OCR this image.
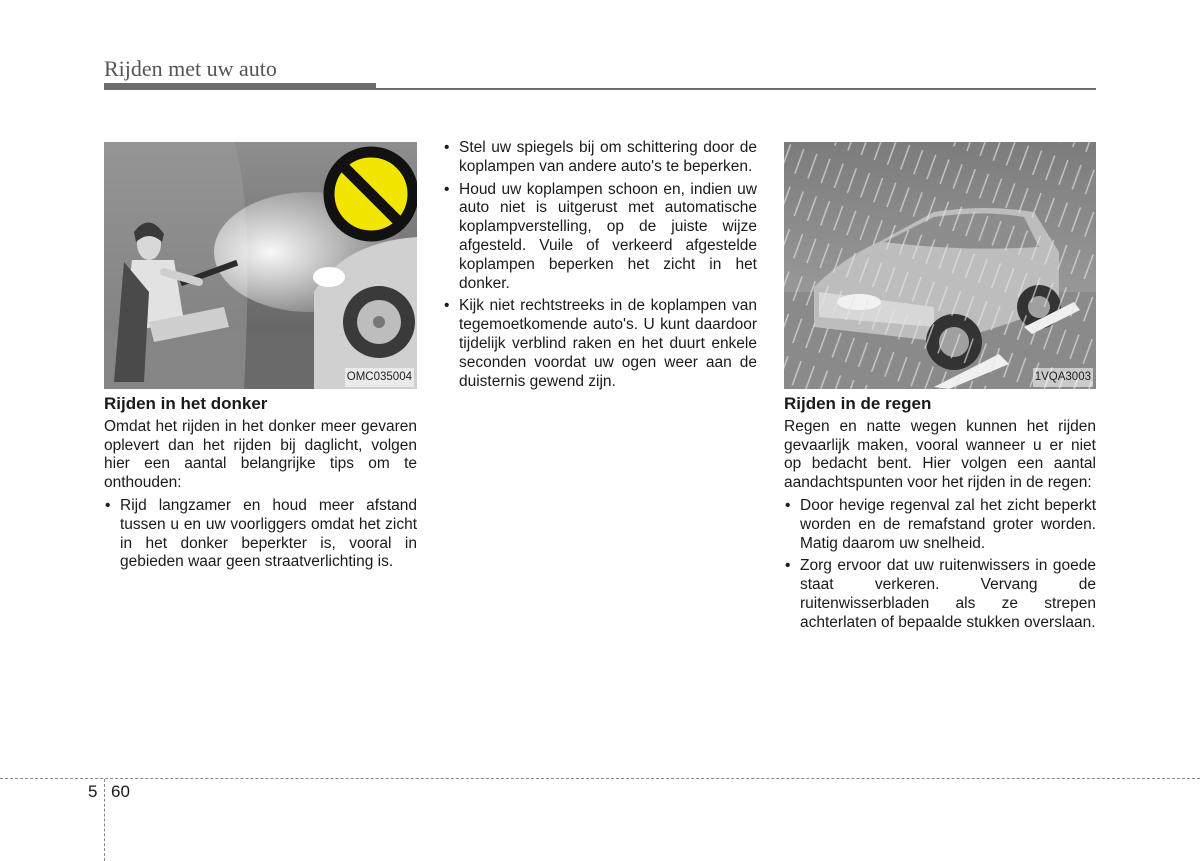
Rijden met uw auto
OMC035004
Rijden in het donker

Omdat het rijden in het donker meer gevaren oplevert dan het rijden bij daglicht, volgen hier een aantal belangrijke tips om te onthouden:

• Rijd langzamer en houd meer afstand tussen u en uw voorliggers omdat het zicht in het donker beperkter is, vooral in gebieden waar geen straatverlichting is.
• Stel uw spiegels bij om schittering door de koplampen van andere auto's te beperken.
• Houd uw koplampen schoon en, indien uw auto niet is uitgerust met automatische koplampverstelling, op de juiste wijze afgesteld. Vuile of verkeerd afgestelde koplampen beperken het zicht in het donker.
• Kijk niet rechtstreeks in de koplampen van tegemoetkomende auto's. U kunt daardoor tijdelijk verblind raken en het duurt enkele seconden voordat uw ogen weer aan de duisternis gewend zijn.	1VQA3003
Rijden in de regen

Regen en natte wegen kunnen het rijden gevaarlijk maken, vooral wanneer u er niet op bedacht bent. Hier volgen een aantal aandachtspunten voor het rijden in de regen:

• Door hevige regenval zal het zicht beperkt worden en de remafstand groter worden. Matig daarom uw snelheid.
• Zorg ervoor dat uw ruitenwissers in goede staat verkeren. Vervang de ruitenwisserbladen als ze strepen achterlaten of bepaalde stukken overslaan.
5 60
